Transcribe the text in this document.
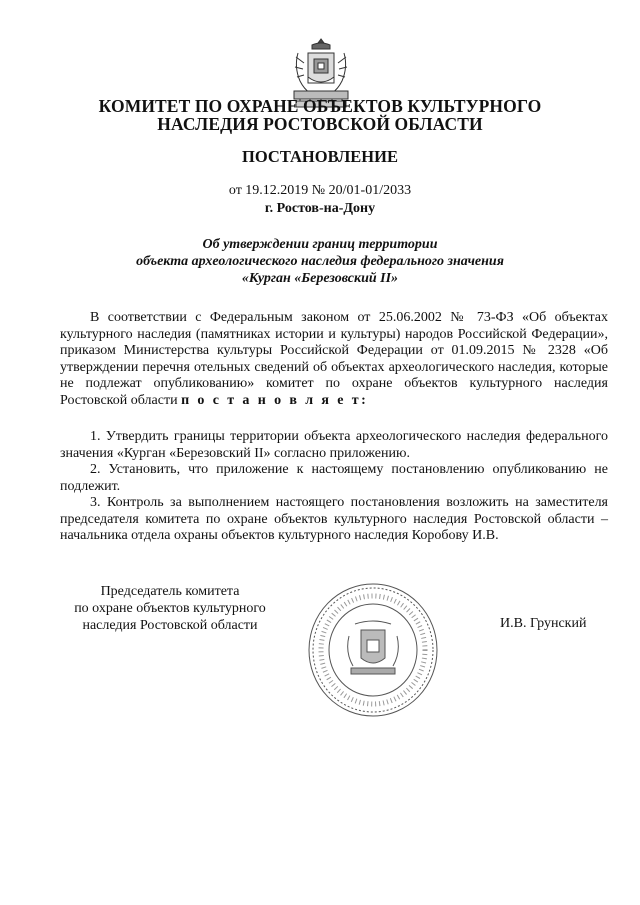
КОМИТЕТ ПО ОХРАНЕ ОБЪЕКТОВ КУЛЬТУРНОГО
НАСЛЕДИЯ РОСТОВСКОЙ ОБЛАСТИ
ПОСТАНОВЛЕНИЕ
от 19.12.2019 № 20/01-01/2033
г. Ростов-на-Дону
Об утверждении границ территории
объекта археологического наследия федерального значения
«Курган «Березовский II»
В соответствии с Федеральным законом от 25.06.2002 № 73-ФЗ «Об объектах культурного наследия (памятниках истории и культуры) народов Российской Федерации», приказом Министерства культуры Российской Федерации от 01.09.2015 № 2328 «Об утверждении перечня отельных сведений об объектах археологического наследия, которые не подлежат опубликованию» комитет по охране объектов культурного наследия Ростовской области п о с т а н о в л я е т:
1. Утвердить границы территории объекта археологического наследия федерального значения «Курган «Березовский II» согласно приложению.
2. Установить, что приложение к настоящему постановлению опубликованию не подлежит.
3. Контроль за выполнением настоящего постановления возложить на заместителя председателя комитета по охране объектов культурного наследия Ростовской области – начальника отдела охраны объектов культурного наследия Коробову И.В.
Председатель комитета
по охране объектов культурного
наследия Ростовской области	И.В. Грунский
